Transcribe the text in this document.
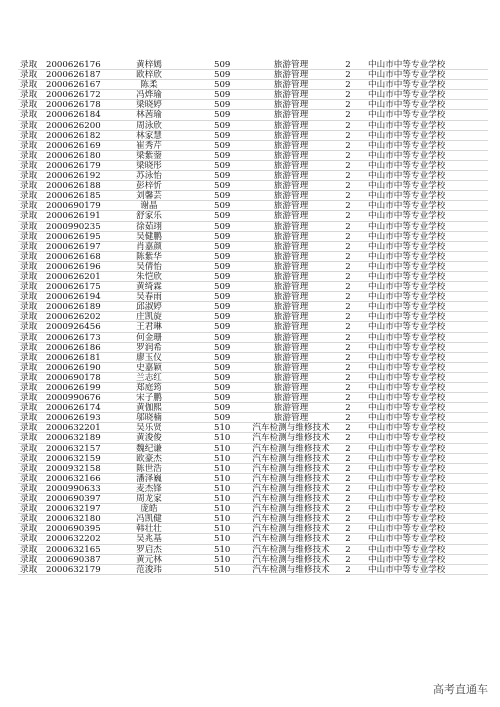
录取 2000626176	黄梓嫣	509	旅游管理	2	中山市中等专业学校
录取 2000626187	欧梓欣	509	旅游管理	2	中山市中等专业学校
录取 2000626167	陈柔	509	旅游管理	2	中山市中等专业学校
录取 2000626172	冯烨瑜	509	旅游管理	2	中山市中等专业学校
录取 2000626178	梁晓婷	509	旅游管理	2	中山市中等专业学校
录取 2000626184	林茜瑜	509	旅游管理	2	中山市中等专业学校
录取 2000626200	周泳欣	509	旅游管理	2	中山市中等专业学校
录取 2000626182	林家慧	509	旅游管理	2	中山市中等专业学校
录取 2000626169	崔秀芹	509	旅游管理	2	中山市中等专业学校
录取 2000626180	梁紫蓥	509	旅游管理	2	中山市中等专业学校
录取 2000626179	梁晓彤	509	旅游管理	2	中山市中等专业学校
录取 2000626192	苏泳怡	509	旅游管理	2	中山市中等专业学校
录取 2000626188	彭梓忻	509	旅游管理	2	中山市中等专业学校
录取 2000626185	刘馨芸	509	旅游管理	2	中山市中等专业学校
录取 2000690179	谢晶	509	旅游管理	2	中山市中等专业学校
录取 2000626191	舒家乐	509	旅游管理	2	中山市中等专业学校
录取 2000990235	徐茹翊	509	旅游管理	2	中山市中等专业学校
录取 2000626195	吴健鹏	509	旅游管理	2	中山市中等专业学校
录取 2000626197	肖嘉颜	509	旅游管理	2	中山市中等专业学校
录取 2000626168	陈紫华	509	旅游管理	2	中山市中等专业学校
录取 2000626196	吴倩怡	509	旅游管理	2	中山市中等专业学校
录取 2000626201	朱恺欣	509	旅游管理	2	中山市中等专业学校
录取 2000626175	黄绮霖	509	旅游管理	2	中山市中等专业学校
录取 2000626194	吴春雨	509	旅游管理	2	中山市中等专业学校
录取 2000626189	邱淑婷	509	旅游管理	2	中山市中等专业学校
录取 2000626202	庄凯旋	509	旅游管理	2	中山市中等专业学校
录取 2000926456	王君琳	509	旅游管理	2	中山市中等专业学校
录取 2000626173	何金珊	509	旅游管理	2	中山市中等专业学校
录取 2000626186	罗润希	509	旅游管理	2	中山市中等专业学校
录取 2000626181	廖玉仪	509	旅游管理	2	中山市中等专业学校
录取 2000626190	史嘉颖	509	旅游管理	2	中山市中等专业学校
录取 2000690178	兰志红	509	旅游管理	2	中山市中等专业学校
录取 2000626199	郑庭筠	509	旅游管理	2	中山市中等专业学校
录取 2000990676	宋子鹏	509	旅游管理	2	中山市中等专业学校
录取 2000626174	黄伽熙	509	旅游管理	2	中山市中等专业学校
录取 2000626193	邬晓楠	509	旅游管理	2	中山市中等专业学校
录取 2000632201	吴乐贤	510	汽车检测与维修技术	2	中山市中等专业学校
录取 2000632189	黄浚俊	510	汽车检测与维修技术	2	中山市中等专业学校
录取 2000632157	魏纪谦	510	汽车检测与维修技术	2	中山市中等专业学校
录取 2000632159	欧豪杰	510	汽车检测与维修技术	2	中山市中等专业学校
录取 2000932158	陈世浩	510	汽车检测与维修技术	2	中山市中等专业学校
录取 2000632166	潘泽巍	510	汽车检测与维修技术	2	中山市中等专业学校
录取 2000990633	麦杰锋	510	汽车检测与维修技术	2	中山市中等专业学校
录取 2000690397	周龙家	510	汽车检测与维修技术	2	中山市中等专业学校
录取 2000632197	庞皓	510	汽车检测与维修技术	2	中山市中等专业学校
录取 2000632180	冯凯健	510	汽车检测与维修技术	2	中山市中等专业学校
录取 2000690395	韩壮壮	510	汽车检测与维修技术	2	中山市中等专业学校
录取 2000632202	吴兆基	510	汽车检测与维修技术	2	中山市中等专业学校
录取 2000632165	罗启杰	510	汽车检测与维修技术	2	中山市中等专业学校
录取 2000690387	黄元林	510	汽车检测与维修技术	2	中山市中等专业学校
录取 2000632179	范浚玮	510	汽车检测与维修技术	2	中山市中等专业学校
高考直通车
